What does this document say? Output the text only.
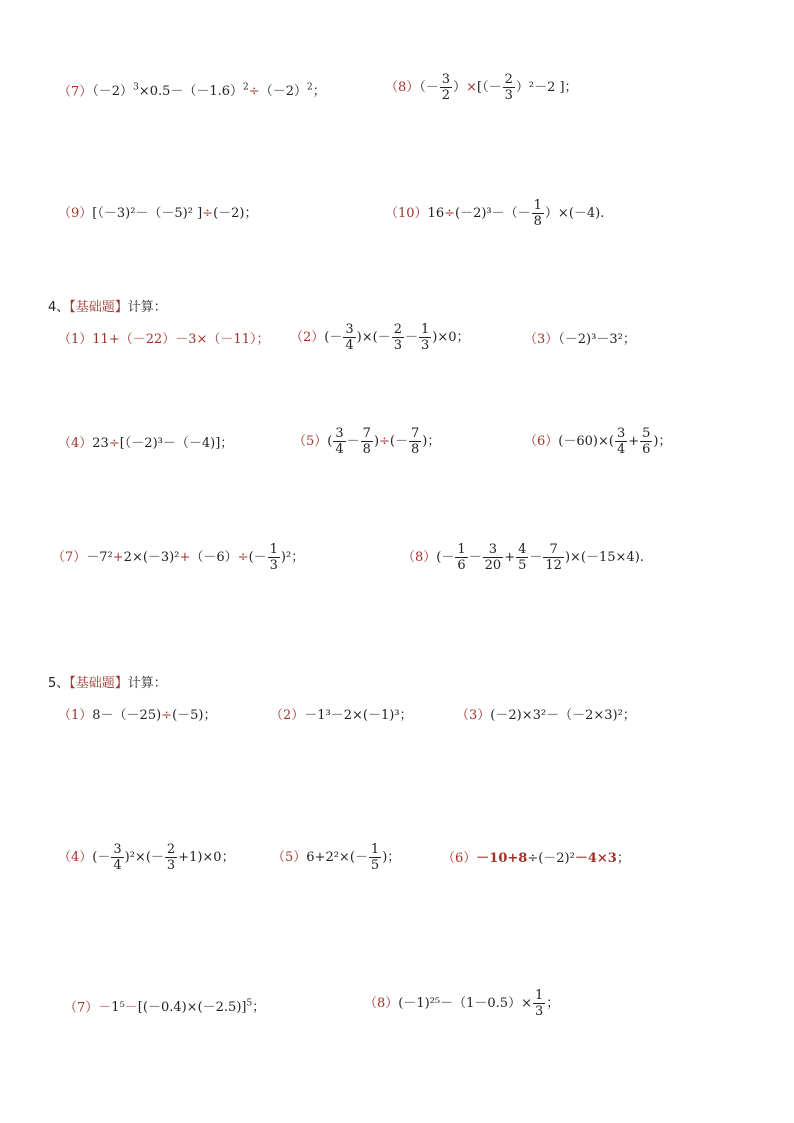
$(7)(-2)^3\times 0.5-(-1.6)^2\div(-2)^2$；	$(8)(- \frac{3}{2}$ ）×[（－ $\frac{2}{3} )^2-2$ ]；
（9）[（－3)²－（－5)² ]÷(－2)；	$(10)16\div(-2)^3-(- \frac{1}{8} )\times(-4)$.
4、【基础题】计算：
（1）11+（－22）－3×（－11）； $(2)(- \frac{3}{4}$ )×(－ $\frac{2}{3} - \frac{1}{3} )\times 0$；	（3）（－2)³－3²；
（4）23÷[（－2)³－（－4)]；	$(5)( \frac{3}{4} - \frac{7}{8}$ )÷(－ $\frac{7}{8}$ )；	$(6)(-60)\times( \frac{3}{4} + \frac{5}{6}$ )；
$(7)-7^2+2\times(-3)^2+(-6)\div(- \frac{1}{3} )^2$；	$(8)(- \frac{1}{6} - \frac{3}{20} + \frac{4}{5} - \frac{7}{12} )\times(-15\times 4)$.
5、【基础题】计算：
（1）8－（－25)÷(－5)；	（2）－1³－2×(－1)³；	（3）(－2)×3²－（－2×3)²；
$(4)(- \frac{3}{4} )^2\times(- \frac{2}{3} +1)\times 0$；	$(5)6+2^2\times(- \frac{1}{5}$ )；	（6）－10+8÷(－2)²－4×3；
$(7)-1^5-[(-0.4)\times(-2.5)]^5$；	$(8)(-1)^{25}-(1-0.5)\times \frac{1}{3}$ ；
